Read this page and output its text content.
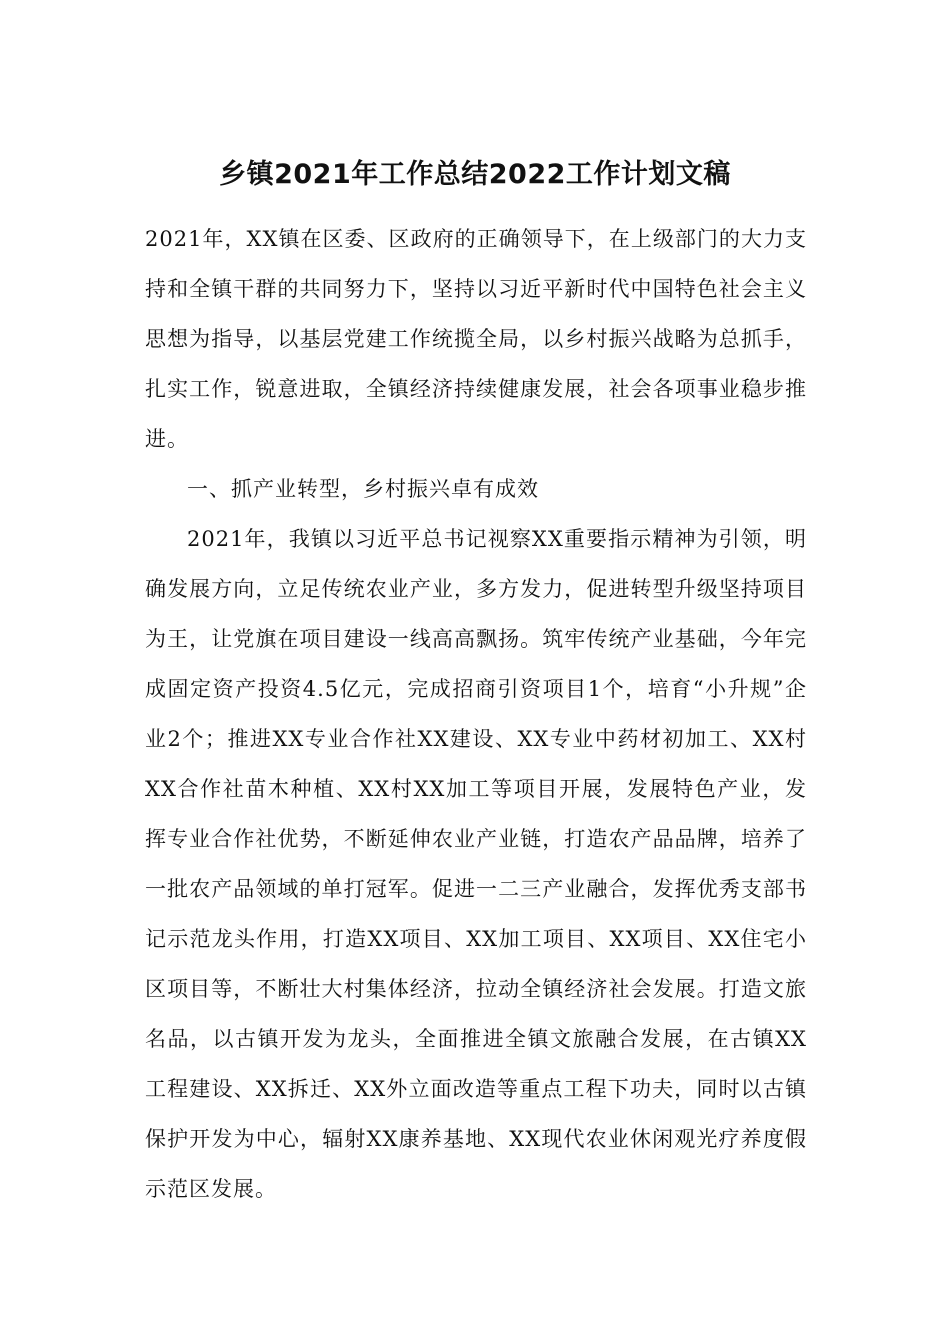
乡镇2021年工作总结2022工作计划文稿

2021年，XX镇在区委、区政府的正确领导下，在上级部门的大力支持和全镇干群的共同努力下，坚持以习近平新时代中国特色社会主义思想为指导，以基层党建工作统揽全局，以乡村振兴战略为总抓手，扎实工作，锐意进取，全镇经济持续健康发展，社会各项事业稳步推进。

一、抓产业转型，乡村振兴卓有成效

2021年，我镇以习近平总书记视察XX重要指示精神为引领，明确发展方向，立足传统农业产业，多方发力，促进转型升级坚持项目为王，让党旗在项目建设一线高高飘扬。筑牢传统产业基础，今年完成固定资产投资4.5亿元，完成招商引资项目1个，培育“小升规”企业2个；推进XX专业合作社XX建设、XX专业中药材初加工、XX村XX合作社苗木种植、XX村XX加工等项目开展，发展特色产业，发挥专业合作社优势，不断延伸农业产业链，打造农产品品牌，培养了一批农产品领域的单打冠军。促进一二三产业融合，发挥优秀支部书记示范龙头作用，打造XX项目、XX加工项目、XX项目、XX住宅小区项目等，不断壮大村集体经济，拉动全镇经济社会发展。打造文旅名品，以古镇开发为龙头，全面推进全镇文旅融合发展，在古镇XX工程建设、XX拆迁、XX外立面改造等重点工程下功夫，同时以古镇保护开发为中心，辐射XX康养基地、XX现代农业休闲观光疗养度假示范区发展。
